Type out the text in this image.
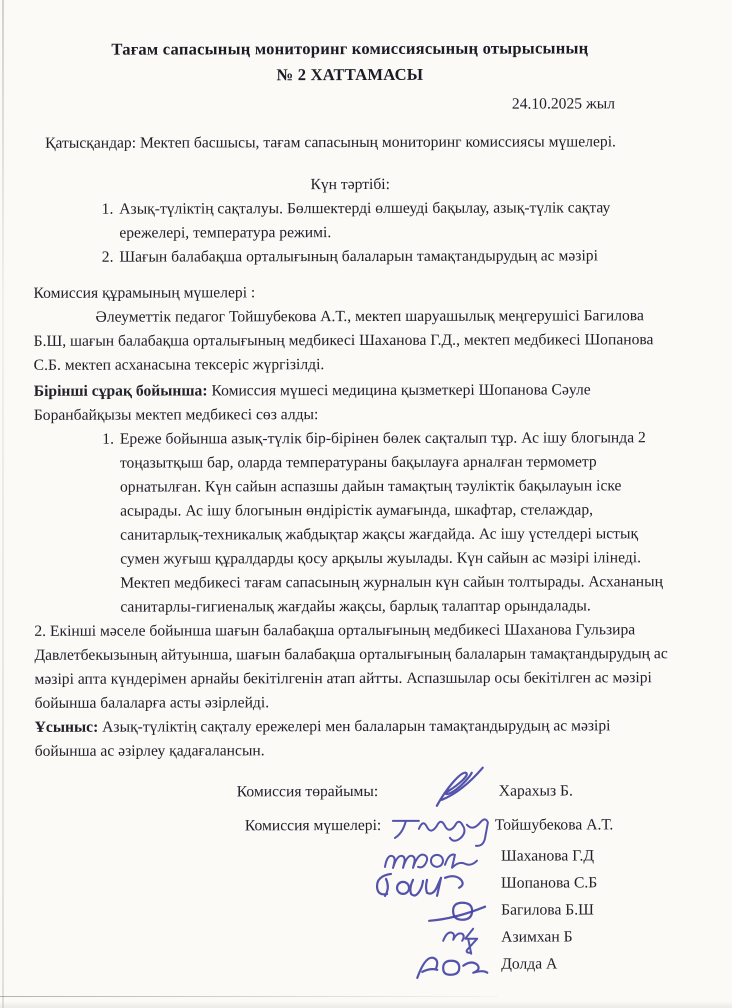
Тағам сапасының мониторинг комиссиясының отырысының
№ 2 ХАТТАМАСЫ
24.10.2025 жыл

Қатысқандар: Мектеп басшысы, тағам сапасының мониторинг комиссиясы мүшелері.

Күн тәртібі:
1. Азық-түліктің сақталуы. Бөлшектерді өлшеуді бақылау, азық-түлік сақтау ережелері, температура режимі.
2. Шағын балабақша орталығының балаларын тамақтандырудың ас мәзірі
Комиссия құрамының мүшелері :

Әлеуметтік педагог Тойшубекова А.Т., мектеп шаруашылық меңгерушісі Багилова Б.Ш, шағын балабақша орталығының медбикесі Шаханова Г.Д., мектеп медбикесі Шопанова С.Б. мектеп асханасына тексеріс жүргізілді.

Бірінші сұрақ бойынша: Комиссия мүшесі медицина қызметкері Шопанова Сәуле Боранбайқызы мектеп медбикесі сөз алды:

1. Ереже бойынша азық-түлік бір-бірінен бөлек сақталып тұр. Ас ішу блогында 2 тоңазытқыш бар, оларда температураны бақылауға арналған термометр орнатылған. Күн сайын аспазшы дайын тамақтың тәуліктік бақылауын іске асырады. Ас ішу блогынын өндірістік аумағында, шкафтар, стелаждар, санитарлық-техникалық жабдықтар жақсы жағдайда. Ас ішу үстелдері ыстық сумен жуғыш құралдарды қосу арқылы жуылады. Күн сайын ас мәзірі ілінеді. Мектеп медбикесі тағам сапасының журналын күн сайын толтырады. Асхананың санитарлы-гигиеналық жағдайы жақсы, барлық талаптар орындалады.

2. Екінші мәселе бойынша шағын балабақша орталығының медбикесі Шаханова Гульзира Давлетбекызының айтуынша, шағын балабақша орталығының балаларын тамақтандырудың ас мәзірі апта күндерімен арнайы бекітілгенін атап айтты. Аспазшылар осы бекітілген ас мәзірі бойынша балаларға асты әзірлейді.

Ұсыныс: Азық-түліктің сақталу ережелері мен балаларын тамақтандырудың ас мәзірі бойынша ас әзірлеу қадағалансын.

Комиссия төрайымы:	Харахыз Б.
Комиссия мүшелері:	Тойшубекова А.Т.
Шаханова Г.Д
Шопанова С.Б
Багилова Б.Ш
Азимхан Б
Долда А
